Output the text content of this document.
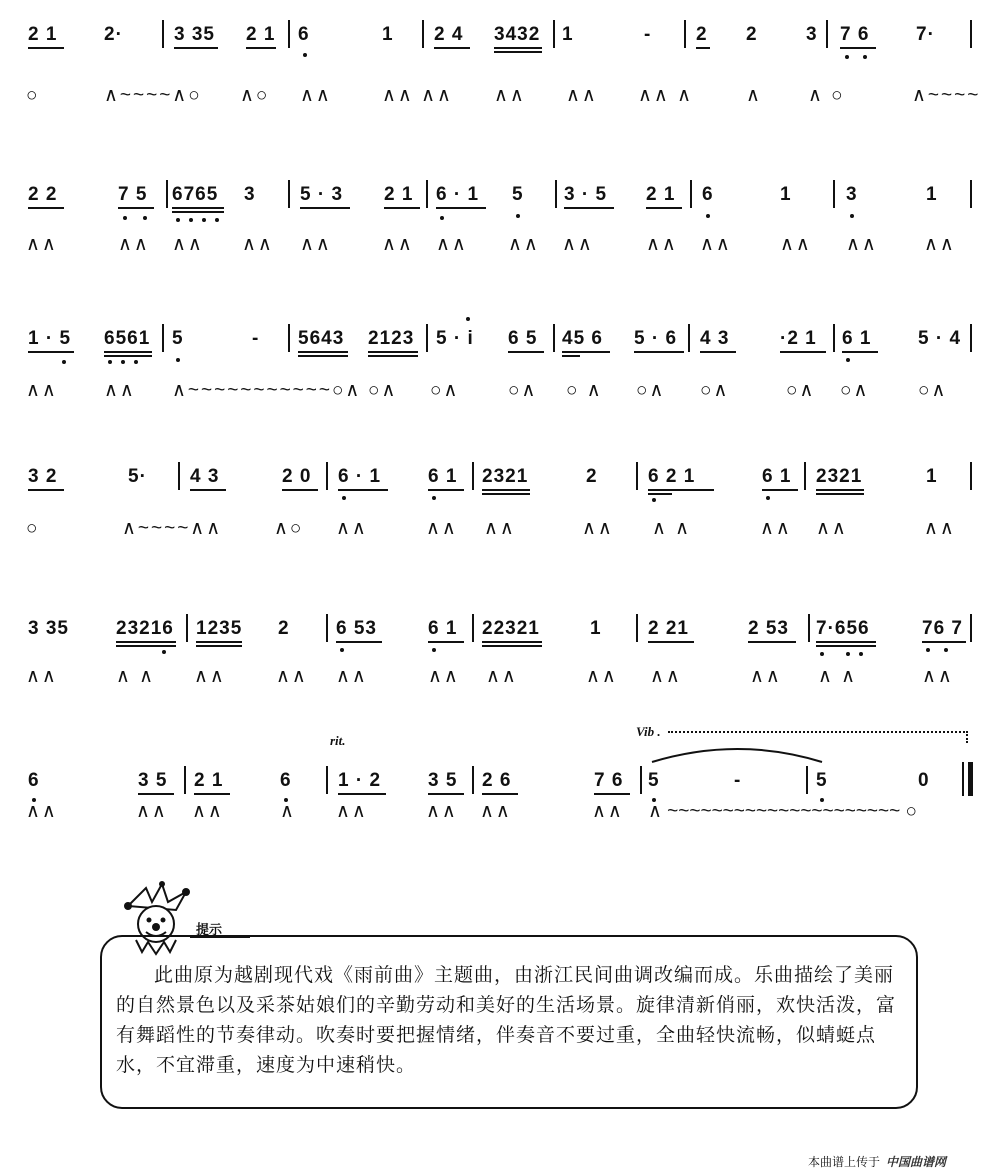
2 1 2·	3 35 2 1 6	1 2 4 3432 1	- 2 2	3 7 6 7·
○	∧~~~~∧○ ∧○ ∧∧	∧∧ ∧∧ ∧∧ ∧∧ ∧∧ ∧	∧ ∧ ○	∧~~~~
2 2	7 5 6765 3 5 · 3 2 1 6 · 1 5 3 · 5 2 1 6	1	3	1
∧∧	∧∧ ∧∧ ∧∧ ∧∧	∧∧ ∧∧ ∧∧ ∧∧	∧∧ ∧∧	∧∧ ∧∧ ∧∧
1 · 5 6561 5	- 5643 2123 5 · i 6 5 45 6 5 · 6 4 3	·2 1 6 1 5 · 4
∧∧ ∧∧ ∧~~~~~~~~~~~○∧ ○∧ ○∧	○∧ ○ ∧ ○∧ ○∧	○∧ ○∧	○∧
3 2	5· 4 3	2 0 6 · 1 6 1 2321	2	6 2 1	6 1 2321	1
○	∧~~~~∧∧	∧○ ∧∧	∧∧ ∧∧	∧∧ ∧ ∧	∧∧ ∧∧	∧∧
3 35 23216 1235 2 6 53	6 1 22321	1 2 21	2 53 7·656	76 7
∧∧	∧ ∧ ∧∧	∧∧ ∧∧	∧∧ ∧∧	∧∧ ∧∧	∧∧ ∧ ∧	∧∧
rit.
Vib .
6	3 5 2 1	6 1 · 2 3 5 2 6	7 6 5	-	5	0
∧∧	∧∧ ∧∧	∧ ∧∧	∧∧ ∧∧	∧∧ ∧ ~~~~~~~~~~~~~~~~~~~~~ ○
提示
此曲原为越剧现代戏《雨前曲》主题曲，由浙江民间曲调改编而成。乐曲描绘了美丽的自然景色以及采茶姑娘们的辛勤劳动和美好的生活场景。旋律清新俏丽，欢快活泼，富有舞蹈性的节奏律动。吹奏时要把握情绪，伴奏音不要过重，全曲轻快流畅，似蜻蜓点水，不宜滞重，速度为中速稍快。
本曲谱上传于 中国曲谱网
